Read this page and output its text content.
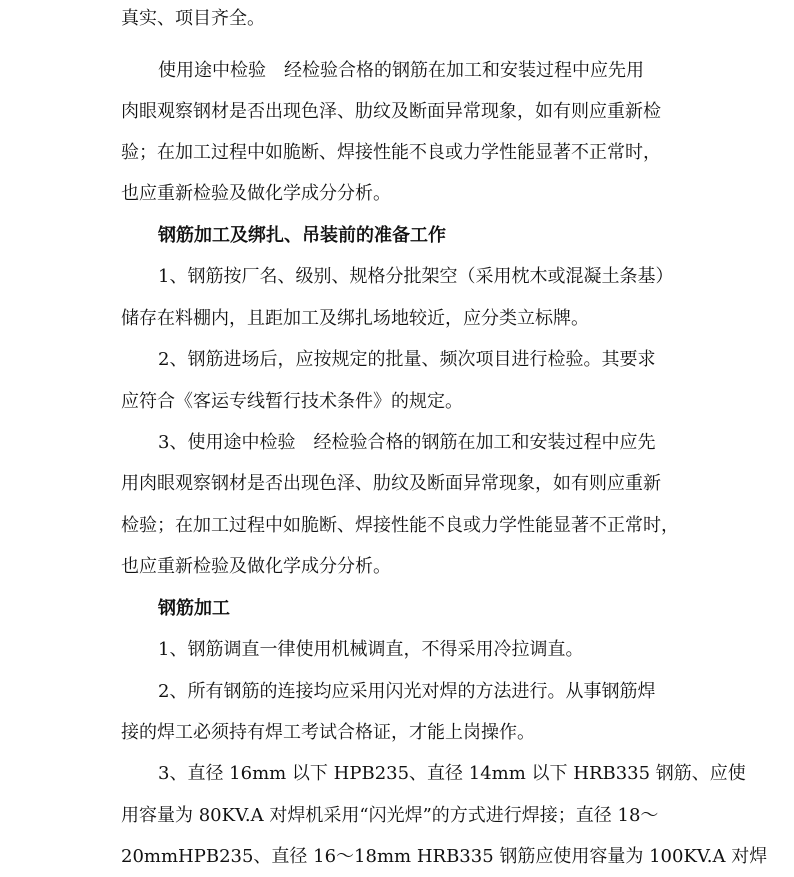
真实、项目齐全。

使用途中检验　经检验合格的钢筋在加工和安装过程中应先用

肉眼观察钢材是否出现色泽、肋纹及断面异常现象，如有则应重新检

验；在加工过程中如脆断、焊接性能不良或力学性能显著不正常时，

也应重新检验及做化学成分分析。

钢筋加工及绑扎、吊装前的准备工作

1、钢筋按厂名、级别、规格分批架空（采用枕木或混凝土条基）

储存在料棚内，且距加工及绑扎场地较近，应分类立标牌。

2、钢筋进场后，应按规定的批量、频次项目进行检验。其要求

应符合《客运专线暂行技术条件》的规定。

3、使用途中检验　经检验合格的钢筋在加工和安装过程中应先

用肉眼观察钢材是否出现色泽、肋纹及断面异常现象，如有则应重新

检验；在加工过程中如脆断、焊接性能不良或力学性能显著不正常时，

也应重新检验及做化学成分分析。

钢筋加工

1、钢筋调直一律使用机械调直，不得采用冷拉调直。

2、所有钢筋的连接均应采用闪光对焊的方法进行。从事钢筋焊

接的焊工必须持有焊工考试合格证，才能上岗操作。

3、直径 16mm 以下 HPB235、直径 14mm 以下 HRB335 钢筋、应使

用容量为 80KV.A 对焊机采用“闪光焊”的方式进行焊接；直径 18～

20mmHPB235、直径 16～18mm HRB335 钢筋应使用容量为 100KV.A 对焊
